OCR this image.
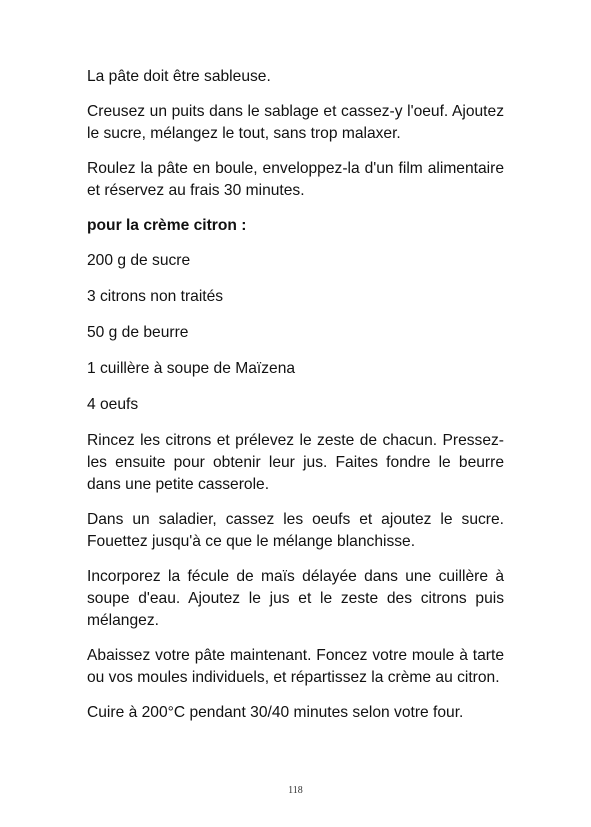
La pâte doit être sableuse.

Creusez un puits dans le sablage et cassez-y l'oeuf. Ajoutez le sucre, mélangez le tout, sans trop malaxer.

Roulez la pâte en boule, enveloppez-la d'un film alimentaire et réservez au frais 30 minutes.

pour la crème citron :

200 g de sucre

3 citrons non traités

50 g de beurre

1 cuillère à soupe de Maïzena

4 oeufs

Rincez les citrons et prélevez le zeste de chacun. Pressez-les ensuite pour obtenir leur jus. Faites fondre le beurre dans une petite casserole.

Dans un saladier, cassez les oeufs et ajoutez le sucre. Fouettez jusqu'à ce que le mélange blanchisse.

Incorporez la fécule de maïs délayée dans une cuillère à soupe d'eau. Ajoutez le jus et le zeste des citrons puis mélangez.

Abaissez votre pâte maintenant. Foncez votre moule à tarte ou vos moules individuels, et répartissez la crème au citron.

Cuire à 200°C pendant 30/40 minutes selon votre four.

118
